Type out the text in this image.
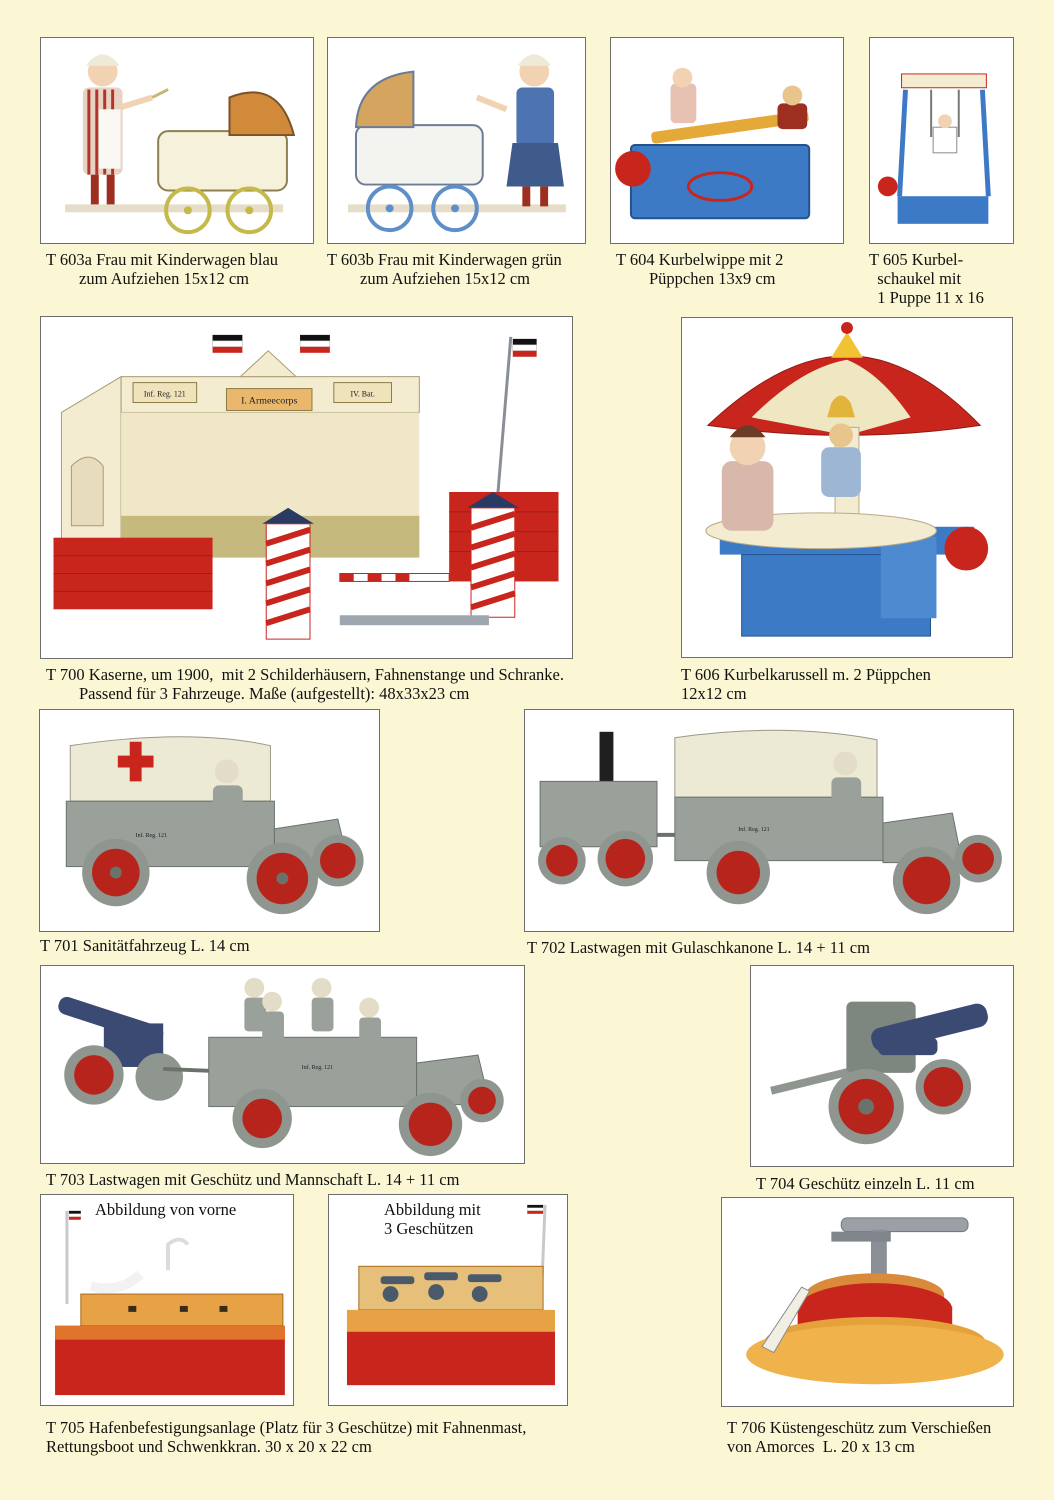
T 603a Frau mit Kinderwagen blau
zum Aufziehen 15x12 cm
T 603b Frau mit Kinderwagen grün
zum Aufziehen 15x12 cm
T 604 Kurbelwippe mit 2
Püppchen 13x9 cm
T 605 Kurbel-
schaukel mit
1 Puppe 11 x 16
Inf. Reg. 121
I. Armeecorps
IV. Bat.
T 700 Kaserne, um 1900,  mit 2 Schilderhäusern, Fahnenstange und Schranke.
Passend für 3 Fahrzeuge. Maße (aufgestellt): 48x33x23 cm
T 606 Kurbelkarussell m. 2 Püppchen
12x12 cm
Inf. Reg. 121
T 701 Sanitätfahrzeug L. 14 cm
Inf. Reg. 121
T 702 Lastwagen mit Gulaschkanone L. 14 + 11 cm
Inf. Reg. 121
T 703 Lastwagen mit Geschütz und Mannschaft L. 14 + 11 cm	T 704 Geschütz einzeln L. 11 cm
Abbildung von vorne	Abbildung mit
3 Geschützen
T 705 Hafenbefestigungsanlage (Platz für 3 Geschütze) mit Fahnenmast,
Rettungsboot und Schwenkkran. 30 x 20 x 22 cm
T 706 Küstengeschütz zum Verschießen
von Amorces  L. 20 x 13 cm
